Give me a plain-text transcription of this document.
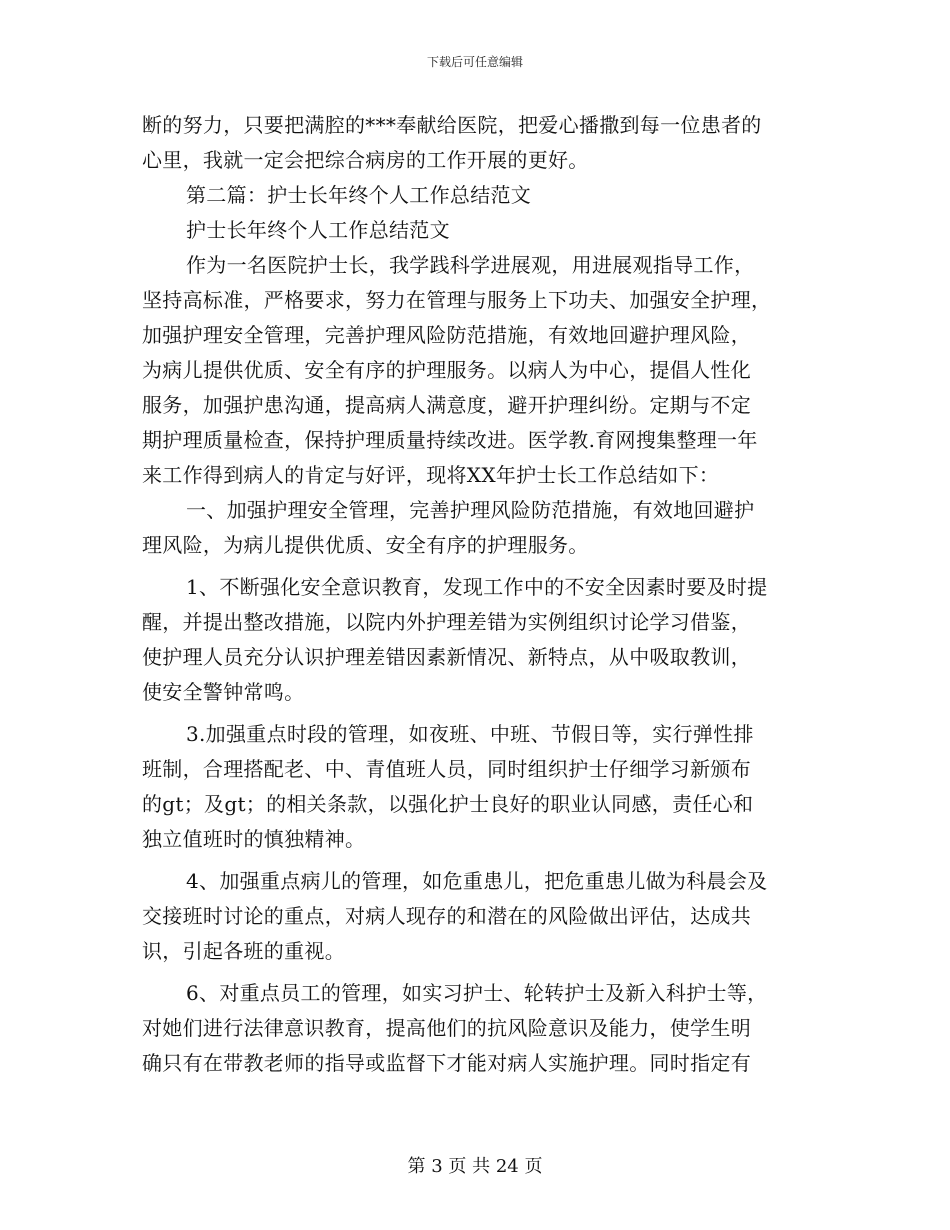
下载后可任意编辑
断的努力，只要把满腔的***奉献给医院，把爱心播撒到每一位患者的
心里，我就一定会把综合病房的工作开展的更好。
第二篇：护士长年终个人工作总结范文
护士长年终个人工作总结范文
作为一名医院护士长，我学践科学进展观，用进展观指导工作，
坚持高标准，严格要求，努力在管理与服务上下功夫、加强安全护理，
加强护理安全管理，完善护理风险防范措施，有效地回避护理风险，
为病儿提供优质、安全有序的护理服务。以病人为中心，提倡人性化
服务，加强护患沟通，提高病人满意度，避开护理纠纷。定期与不定
期护理质量检查，保持护理质量持续改进。医学教.育网搜集整理一年
来工作得到病人的肯定与好评，现将XX年护士长工作总结如下：
一、加强护理安全管理，完善护理风险防范措施，有效地回避护
理风险，为病儿提供优质、安全有序的护理服务。
1、不断强化安全意识教育，发现工作中的不安全因素时要及时提
醒，并提出整改措施，以院内外护理差错为实例组织讨论学习借鉴，
使护理人员充分认识护理差错因素新情况、新特点，从中吸取教训，
使安全警钟常鸣。
3.加强重点时段的管理，如夜班、中班、节假日等，实行弹性排
班制，合理搭配老、中、青值班人员，同时组织护士仔细学习新颁布
的gt；及gt；的相关条款，以强化护士良好的职业认同感，责任心和
独立值班时的慎独精神。
4、加强重点病儿的管理，如危重患儿，把危重患儿做为科晨会及
交接班时讨论的重点，对病人现存的和潜在的风险做出评估，达成共
识，引起各班的重视。
6、对重点员工的管理，如实习护士、轮转护士及新入科护士等，
对她们进行法律意识教育，提高他们的抗风险意识及能力，使学生明
确只有在带教老师的指导或监督下才能对病人实施护理。同时指定有
第 3 页 共 24 页
